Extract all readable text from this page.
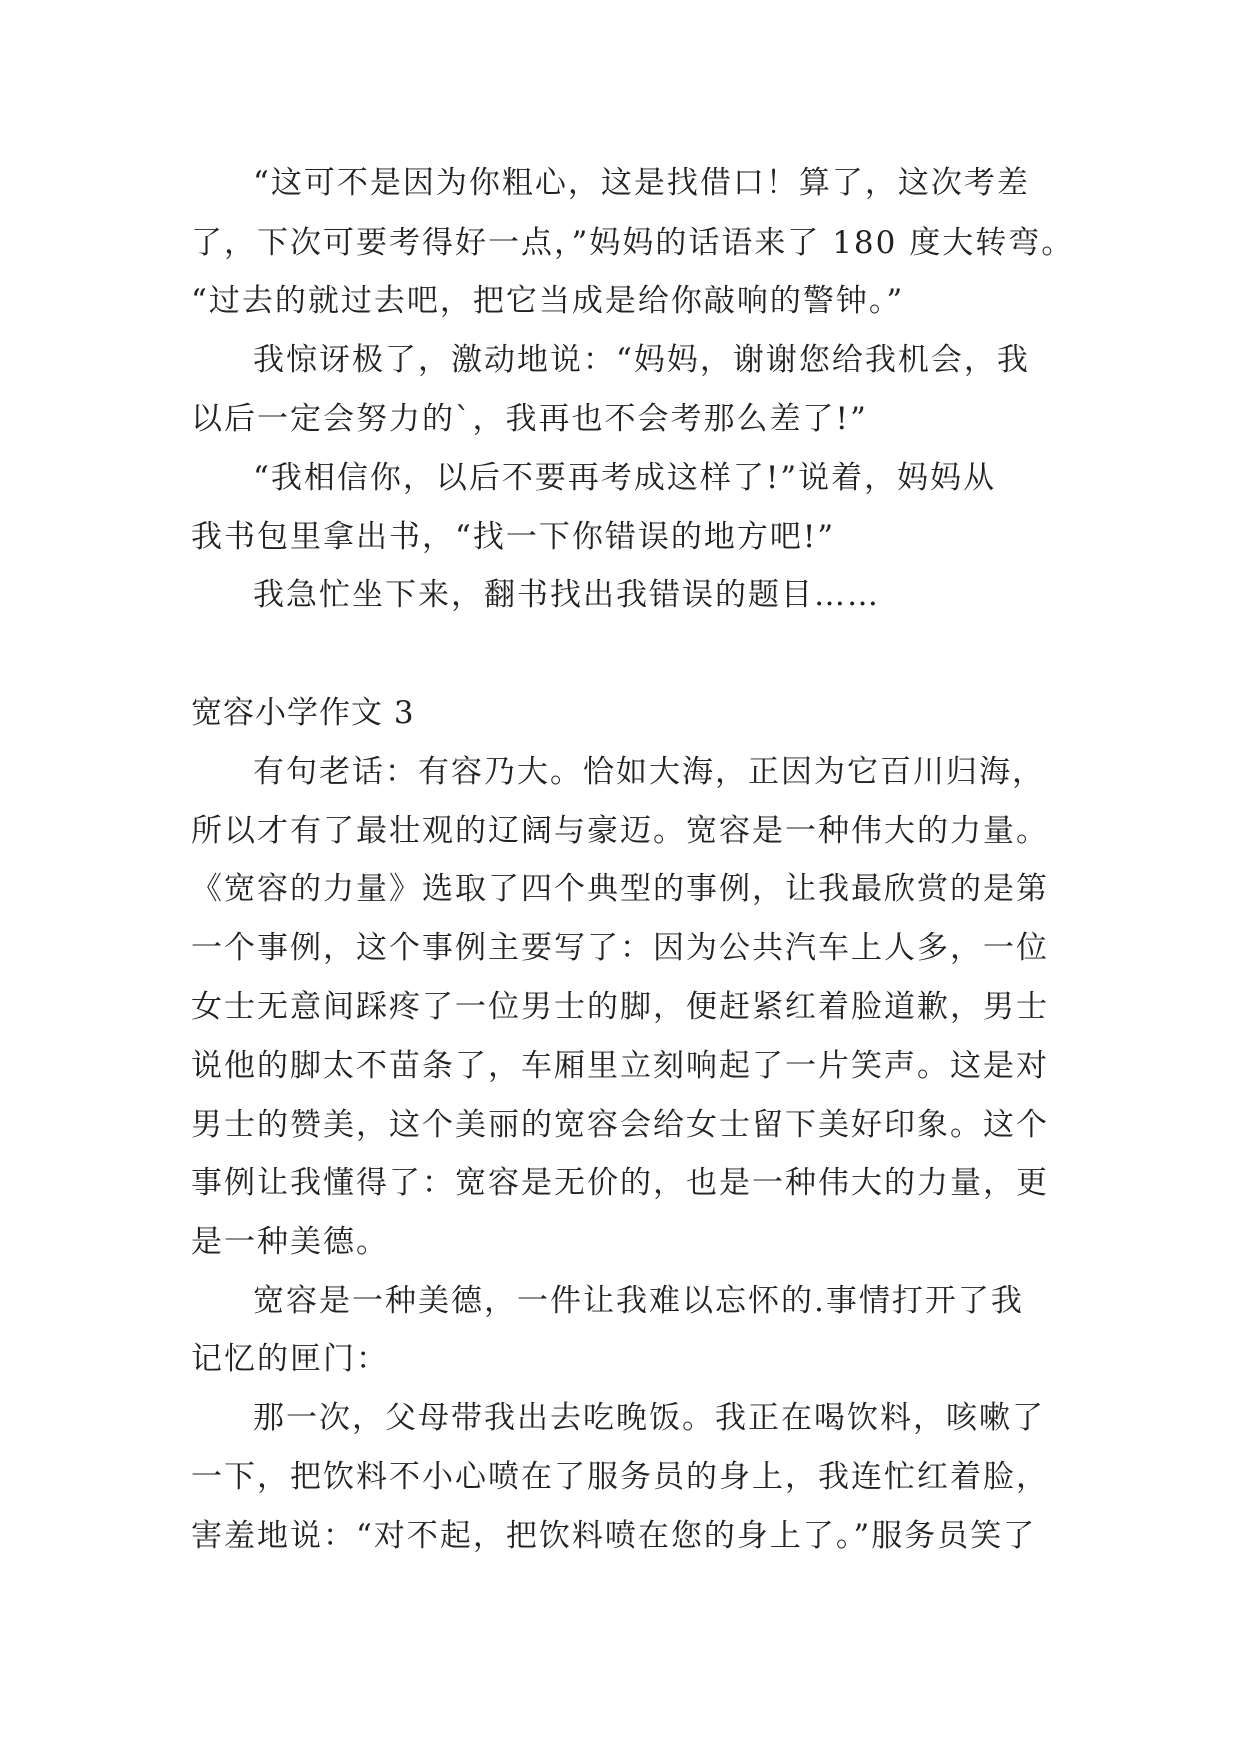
“这可不是因为你粗心，这是找借口！算了，这次考差
了，下次可要考得好一点，”妈妈的话语来了 180 度大转弯。
“过去的就过去吧，把它当成是给你敲响的警钟。”
我惊讶极了，激动地说：“妈妈，谢谢您给我机会，我
以后一定会努力的`，我再也不会考那么差了!”
“我相信你，以后不要再考成这样了!”说着，妈妈从
我书包里拿出书，“找一下你错误的地方吧!”
我急忙坐下来，翻书找出我错误的题目……
宽容小学作文 3
有句老话：有容乃大。恰如大海，正因为它百川归海，
所以才有了最壮观的辽阔与豪迈。宽容是一种伟大的力量。
《宽容的力量》选取了四个典型的事例，让我最欣赏的是第
一个事例，这个事例主要写了：因为公共汽车上人多，一位
女士无意间踩疼了一位男士的脚，便赶紧红着脸道歉，男士
说他的脚太不苗条了，车厢里立刻响起了一片笑声。这是对
男士的赞美，这个美丽的宽容会给女士留下美好印象。这个
事例让我懂得了：宽容是无价的，也是一种伟大的力量，更
是一种美德。
宽容是一种美德，一件让我难以忘怀的.事情打开了我
记忆的匣门：
那一次，父母带我出去吃晚饭。我正在喝饮料，咳嗽了
一下，把饮料不小心喷在了服务员的身上，我连忙红着脸，
害羞地说：“对不起，把饮料喷在您的身上了。”服务员笑了
